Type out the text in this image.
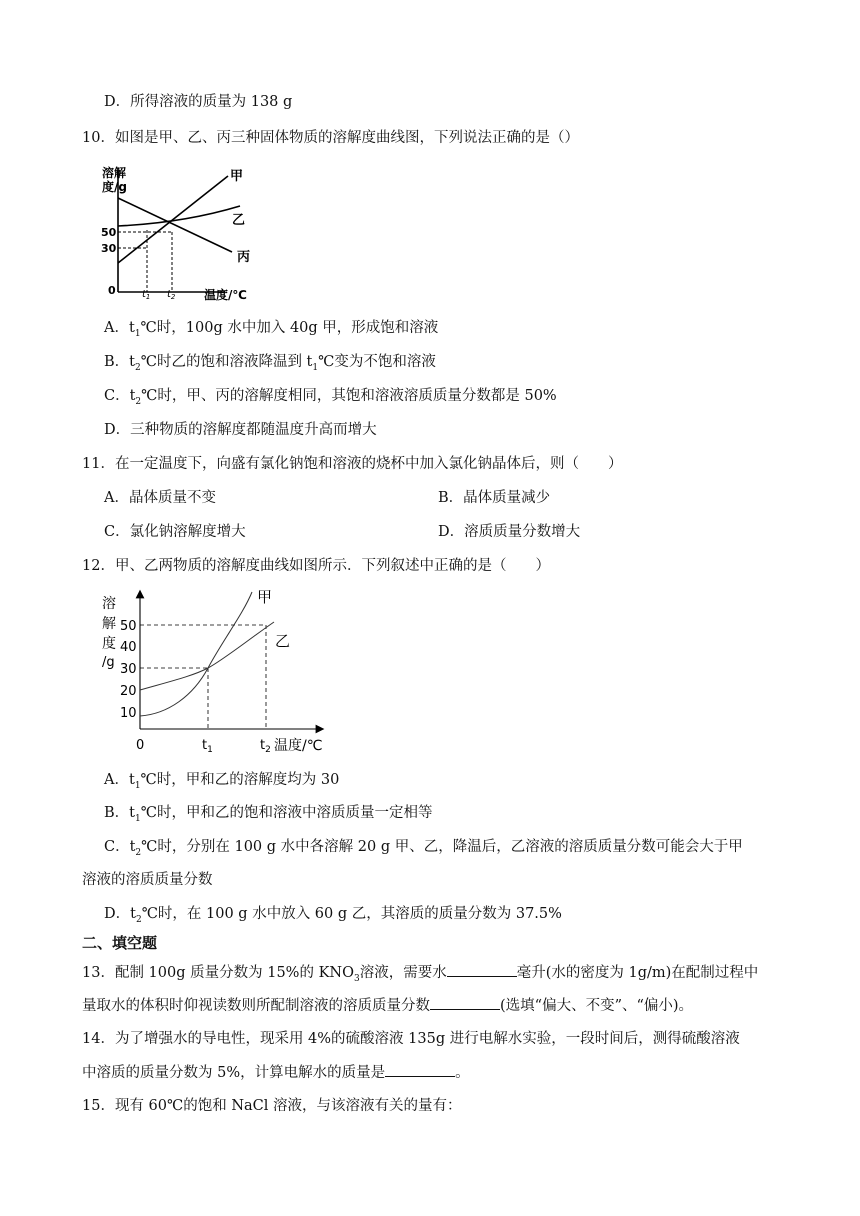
D．所得溶液的质量为 138 g
10．如图是甲、乙、丙三种固体物质的溶解度曲线图，下列说法正确的是（）
溶解
度/g
50
30
0	$t_1$ $t_2$ 温度/℃
甲
乙
丙
A．$t_1℃$时，100g 水中加入 40g 甲，形成饱和溶液
B．$t_2℃$时乙的饱和溶液降温到 $t_1℃$变为不饱和溶液
C．$t_2℃$时，甲、丙的溶解度相同，其饱和溶液溶质质量分数都是 50%
D．三种物质的溶解度都随温度升高而增大
11．在一定温度下，向盛有氯化钠饱和溶液的烧杯中加入氯化钠晶体后，则（　　）
A．晶体质量不变	B．晶体质量减少
C．氯化钠溶解度增大	D．溶质质量分数增大
12．甲、乙两物质的溶解度曲线如图所示．下列叙述中正确的是（　　）
溶
解
度
/g
50
40
30
20
10
0	$t_1$	$t_2$ 温度/℃
甲
乙
A．$t_1℃$时，甲和乙的溶解度均为 30
B．$t_1℃$时，甲和乙的饱和溶液中溶质质量一定相等
C．$t_2℃$时，分别在 100 g 水中各溶解 20 g 甲、乙，降温后，乙溶液的溶质质量分数可能会大于甲
溶液的溶质质量分数
D．$t_2℃$时，在 100 g 水中放入 60 g 乙，其溶质的质量分数为 37.5%
二、填空题
13．配制 100g 质量分数为 15%的 $KNO_3$溶液，需要水	毫升(水的密度为 1g/m)在配制过程中
量取水的体积时仰视读数则所配制溶液的溶质质量分数	(选填“偏大、不变”、“偏小)。
14．为了增强水的导电性，现采用 4%的硫酸溶液 135g 进行电解水实验，一段时间后，测得硫酸溶液
中溶质的质量分数为 5%，计算电解水的质量是	。
15．现有 60℃的饱和 NaCl 溶液，与该溶液有关的量有：
